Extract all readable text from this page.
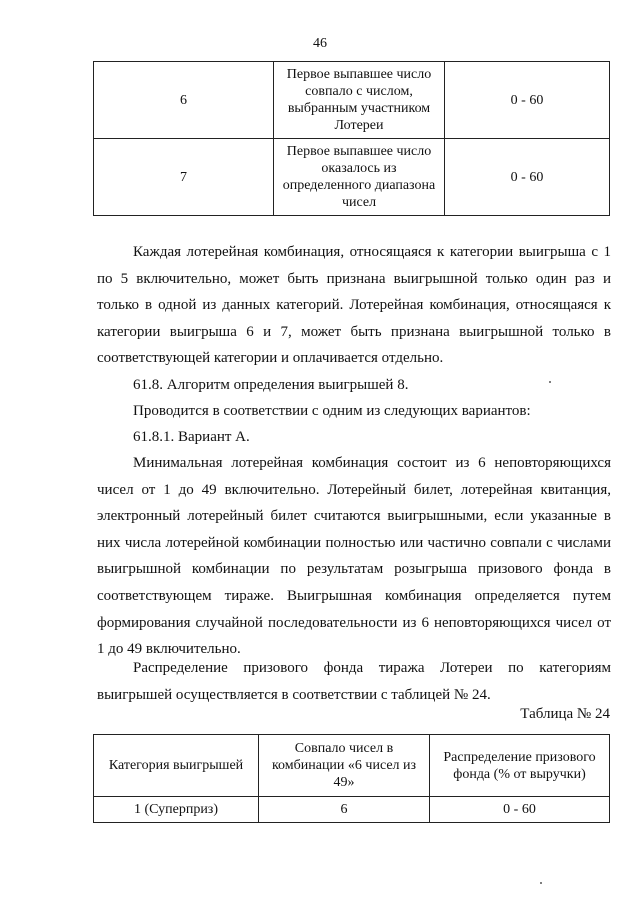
46
6	Первое выпавшее число совпало с числом, выбранным участником Лотереи	0 - 60
7	Первое выпавшее число оказалось из определенного диапазона чисел	0 - 60

Каждая лотерейная комбинация, относящаяся к категории выигрыша с 1 по 5 включительно, может быть признана выигрышной только один раз и только в одной из данных категорий. Лотерейная комбинация, относящаяся к категории выигрыша 6 и 7, может быть признана выигрышной только в соответствующей категории и оплачивается отдельно.

61.8. Алгоритм определения выигрышей 8.

Проводится в соответствии с одним из следующих вариантов:

61.8.1. Вариант А.

Минимальная лотерейная комбинация состоит из 6 неповторяющихся чисел от 1 до 49 включительно. Лотерейный билет, лотерейная квитанция, электронный лотерейный билет считаются выигрышными, если указанные в них числа лотерейной комбинации полностью или частично совпали с числами выигрышной комбинации по результатам розыгрыша призового фонда в соответствующем тираже. Выигрышная комбинация определяется путем формирования случайной последовательности из 6 неповторяющихся чисел от 1 до 49 включительно.

Распределение призового фонда тиража Лотереи по категориям выигрышей осуществляется в соответствии с таблицей № 24.

Таблица № 24
Категория выигрышей	Совпало чисел в комбинации «6 чисел из 49»	Распределение призового фонда (% от выручки)
1 (Суперприз)	6	0 - 60
